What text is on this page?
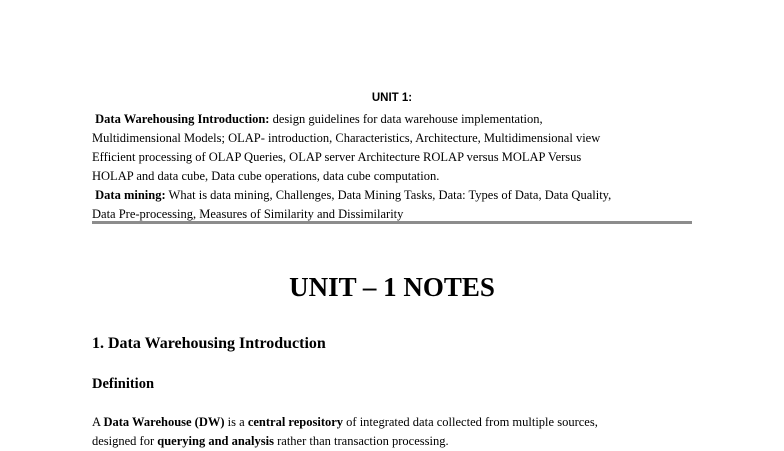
UNIT 1:
Data Warehousing Introduction: design guidelines for data warehouse implementation,
Multidimensional Models; OLAP- introduction, Characteristics, Architecture, Multidimensional view
Efficient processing of OLAP Queries, OLAP server Architecture ROLAP versus MOLAP Versus
HOLAP and data cube, Data cube operations, data cube computation.
Data mining: What is data mining, Challenges, Data Mining Tasks, Data: Types of Data, Data Quality,
Data Pre-processing, Measures of Similarity and Dissimilarity
UNIT – 1 NOTES
1. Data Warehousing Introduction
Definition
A Data Warehouse (DW) is a central repository of integrated data collected from multiple sources,
designed for querying and analysis rather than transaction processing.
